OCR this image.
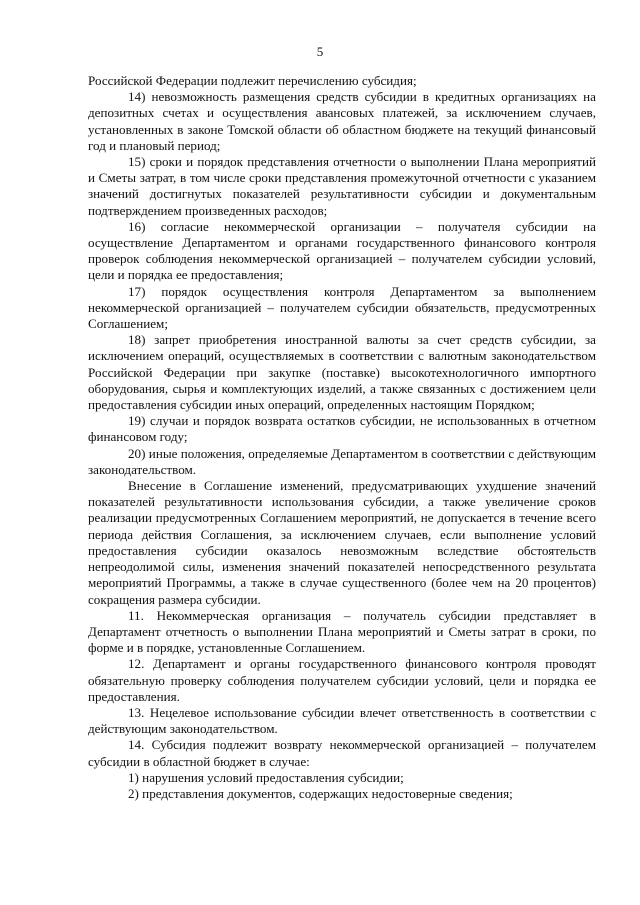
5

Российской Федерации подлежит перечислению субсидия;

14) невозможность размещения средств субсидии в кредитных организациях на депозитных счетах и осуществления авансовых платежей, за исключением случаев, установленных в законе Томской области об областном бюджете на текущий финансовый год и плановый период;

15) сроки и порядок представления отчетности о выполнении Плана мероприятий и Сметы затрат, в том числе сроки представления промежуточной отчетности с указанием значений достигнутых показателей результативности субсидии и документальным подтверждением произведенных расходов;

16) согласие некоммерческой организации – получателя субсидии на осуществление Департаментом и органами государственного финансового контроля проверок соблюдения некоммерческой организацией – получателем субсидии условий, цели и порядка ее предоставления;

17) порядок осуществления контроля Департаментом за выполнением некоммерческой организацией – получателем субсидии обязательств, предусмотренных Соглашением;

18) запрет приобретения иностранной валюты за счет средств субсидии, за исключением операций, осуществляемых в соответствии с валютным законодательством Российской Федерации при закупке (поставке) высокотехнологичного импортного оборудования, сырья и комплектующих изделий, а также связанных с достижением цели предоставления субсидии иных операций, определенных настоящим Порядком;

19) случаи и порядок возврата остатков субсидии, не использованных в отчетном финансовом году;

20) иные положения, определяемые Департаментом в соответствии с действующим законодательством.

Внесение в Соглашение изменений, предусматривающих ухудшение значений показателей результативности использования субсидии, а также увеличение сроков реализации предусмотренных Соглашением мероприятий, не допускается в течение всего периода действия Соглашения, за исключением случаев, если выполнение условий предоставления субсидии оказалось невозможным вследствие обстоятельств непреодолимой силы, изменения значений показателей непосредственного результата мероприятий Программы, а также в случае существенного (более чем на 20 процентов) сокращения размера субсидии.

11. Некоммерческая организация – получатель субсидии представляет в Департамент отчетность о выполнении Плана мероприятий и Сметы затрат в сроки, по форме и в порядке, установленные Соглашением.

12. Департамент и органы государственного финансового контроля проводят обязательную проверку соблюдения получателем субсидии условий, цели и порядка ее предоставления.

13. Нецелевое использование субсидии влечет ответственность в соответствии с действующим законодательством.

14. Субсидия подлежит возврату некоммерческой организацией – получателем субсидии в областной бюджет в случае:

1) нарушения условий предоставления субсидии;

2) представления документов, содержащих недостоверные сведения;
